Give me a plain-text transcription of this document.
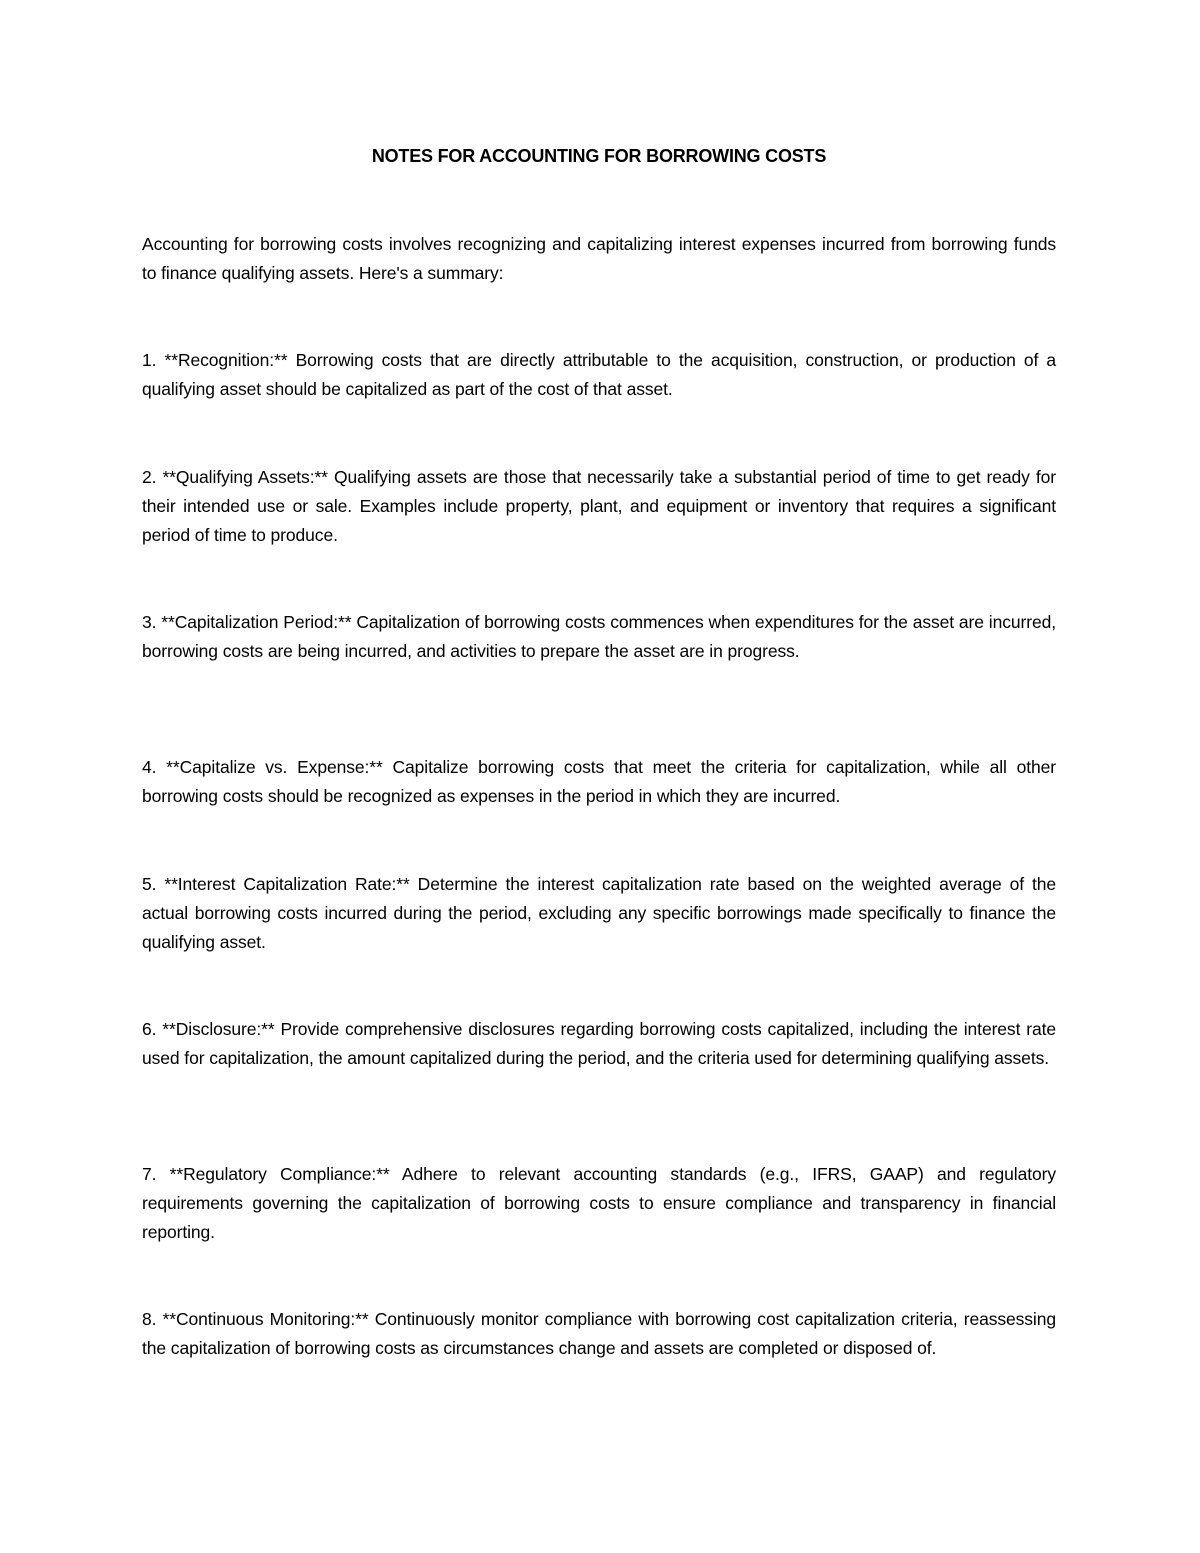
NOTES FOR ACCOUNTING FOR BORROWING COSTS

Accounting for borrowing costs involves recognizing and capitalizing interest expenses incurred from borrowing funds to finance qualifying assets. Here's a summary:

1. **Recognition:** Borrowing costs that are directly attributable to the acquisition, construction, or production of a qualifying asset should be capitalized as part of the cost of that asset.

2. **Qualifying Assets:** Qualifying assets are those that necessarily take a substantial period of time to get ready for their intended use or sale. Examples include property, plant, and equipment or inventory that requires a significant period of time to produce.

3. **Capitalization Period:** Capitalization of borrowing costs commences when expenditures for the asset are incurred, borrowing costs are being incurred, and activities to prepare the asset are in progress.

4. **Capitalize vs. Expense:** Capitalize borrowing costs that meet the criteria for capitalization, while all other borrowing costs should be recognized as expenses in the period in which they are incurred.

5. **Interest Capitalization Rate:** Determine the interest capitalization rate based on the weighted average of the actual borrowing costs incurred during the period, excluding any specific borrowings made specifically to finance the qualifying asset.

6. **Disclosure:** Provide comprehensive disclosures regarding borrowing costs capitalized, including the interest rate used for capitalization, the amount capitalized during the period, and the criteria used for determining qualifying assets.

7. **Regulatory Compliance:** Adhere to relevant accounting standards (e.g., IFRS, GAAP) and regulatory requirements governing the capitalization of borrowing costs to ensure compliance and transparency in financial reporting.

8. **Continuous Monitoring:** Continuously monitor compliance with borrowing cost capitalization criteria, reassessing the capitalization of borrowing costs as circumstances change and assets are completed or disposed of.
